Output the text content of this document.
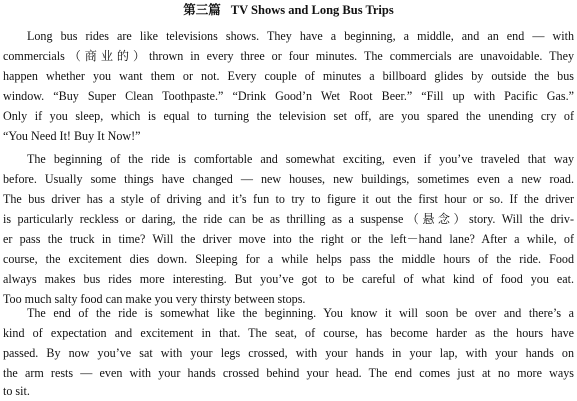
第三篇 TV Shows and Long Bus Trips
Long bus rides are like televisions shows. They have a beginning, a middle, and an end — with
commercials（商业的）thrown in every three or four minutes. The commercials are unavoidable. They
happen whether you want them or not. Every couple of minutes a billboard glides by outside the bus
window. “Buy Super Clean Toothpaste.” “Drink Good’n Wet Root Beer.” “Fill up with Pacific Gas.”
Only if you sleep, which is equal to turning the television set off, are you spared the unending cry of
“You Need It! Buy It Now!”
The beginning of the ride is comfortable and somewhat exciting, even if you’ve traveled that way
before. Usually some things have changed — new houses, new buildings, sometimes even a new road.
The bus driver has a style of driving and it’s fun to try to figure it out the first hour or so. If the driver
is particularly reckless or daring, the ride can be as thrilling as a suspense（悬念）story. Will the driv-
er pass the truck in time? Will the driver move into the right or the left－hand lane? After a while, of
course, the excitement dies down. Sleeping for a while helps pass the middle hours of the ride. Food
always makes bus rides more interesting. But you’ve got to be careful of what kind of food you eat.
Too much salty food can make you very thirsty between stops.
The end of the ride is somewhat like the beginning. You know it will soon be over and there’s a
kind of expectation and excitement in that. The seat, of course, has become harder as the hours have
passed. By now you’ve sat with your legs crossed, with your hands in your lap, with your hands on
the arm rests — even with your hands crossed behind your head. The end comes just at no more ways
to sit.
